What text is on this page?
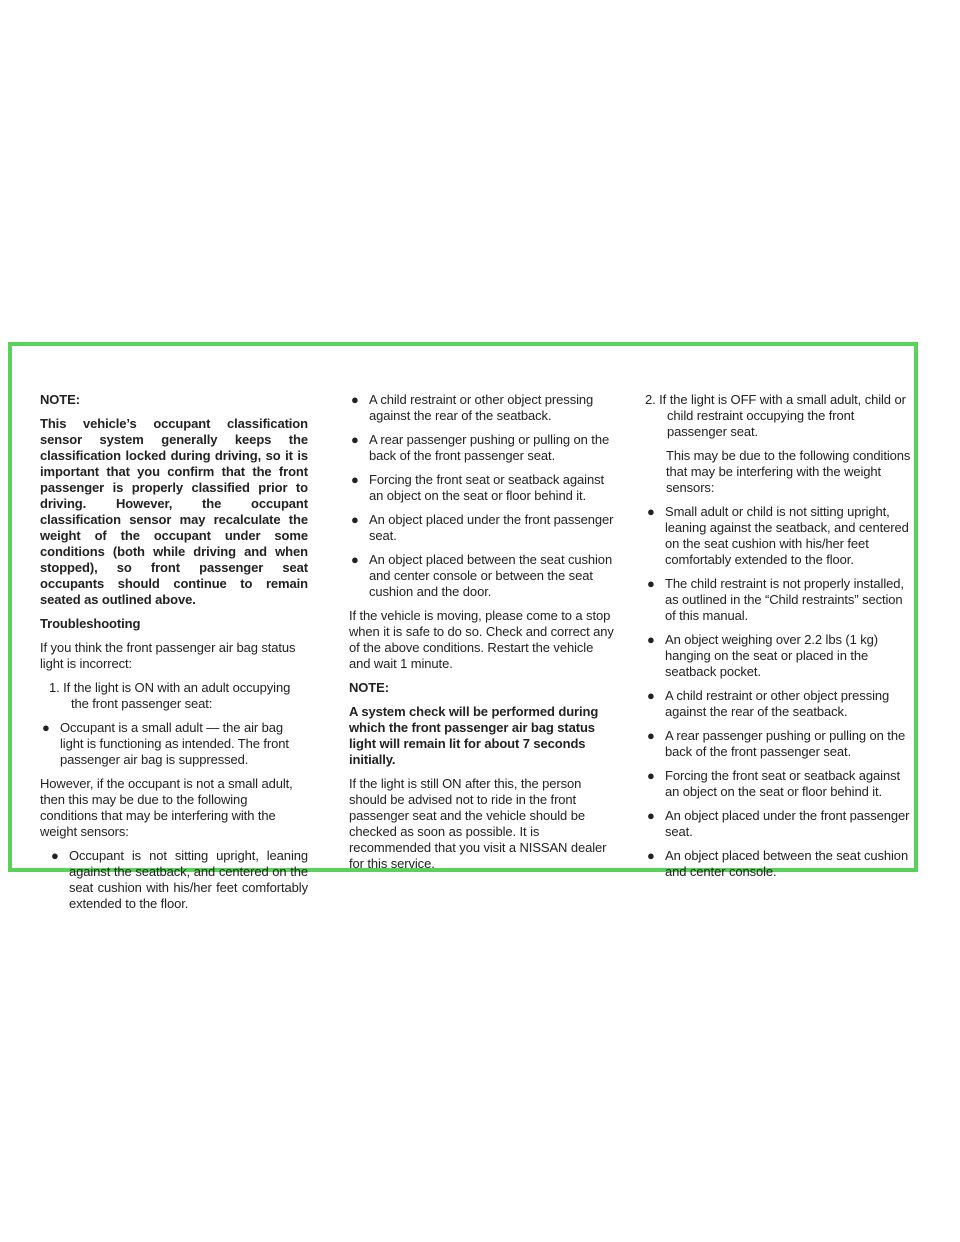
NOTE:

This vehicle’s occupant classification sensor system generally keeps the classification locked during driving, so it is important that you confirm that the front passenger is properly classified prior to driving. However, the occupant classification sensor may recalculate the weight of the occupant under some conditions (both while driving and when stopped), so front passenger seat occupants should continue to remain seated as outlined above.

Troubleshooting

If you think the front passenger air bag status light is incorrect:

1. If the light is ON with an adult occupying the front passenger seat:

● Occupant is a small adult — the air bag light is functioning as intended. The front passenger air bag is suppressed.

However, if the occupant is not a small adult, then this may be due to the following conditions that may be interfering with the weight sensors:

● Occupant is not sitting upright, leaning against the seatback, and centered on the seat cushion with his/her feet comfortably extended to the floor.
● A child restraint or other object pressing against the rear of the seatback.
● A rear passenger pushing or pulling on the back of the front passenger seat.
● Forcing the front seat or seatback against an object on the seat or floor behind it.
● An object placed under the front passenger seat.
● An object placed between the seat cushion and center console or between the seat cushion and the door.

If the vehicle is moving, please come to a stop when it is safe to do so. Check and correct any of the above conditions. Restart the vehicle and wait 1 minute.

NOTE:

A system check will be performed during which the front passenger air bag status light will remain lit for about 7 seconds initially.

If the light is still ON after this, the person should be advised not to ride in the front passenger seat and the vehicle should be checked as soon as possible. It is recommended that you visit a NISSAN dealer for this service.

2. If the light is OFF with a small adult, child or child restraint occupying the front passenger seat.

This may be due to the following conditions that may be interfering with the weight sensors:

● Small adult or child is not sitting upright, leaning against the seatback, and centered on the seat cushion with his/her feet comfortably extended to the floor.
● The child restraint is not properly installed, as outlined in the “Child restraints” section of this manual.
● An object weighing over 2.2 lbs (1 kg) hanging on the seat or placed in the seatback pocket.
● A child restraint or other object pressing against the rear of the seatback.
● A rear passenger pushing or pulling on the back of the front passenger seat.
● Forcing the front seat or seatback against an object on the seat or floor behind it.
● An object placed under the front passenger seat.
● An object placed between the seat cushion and center console.
